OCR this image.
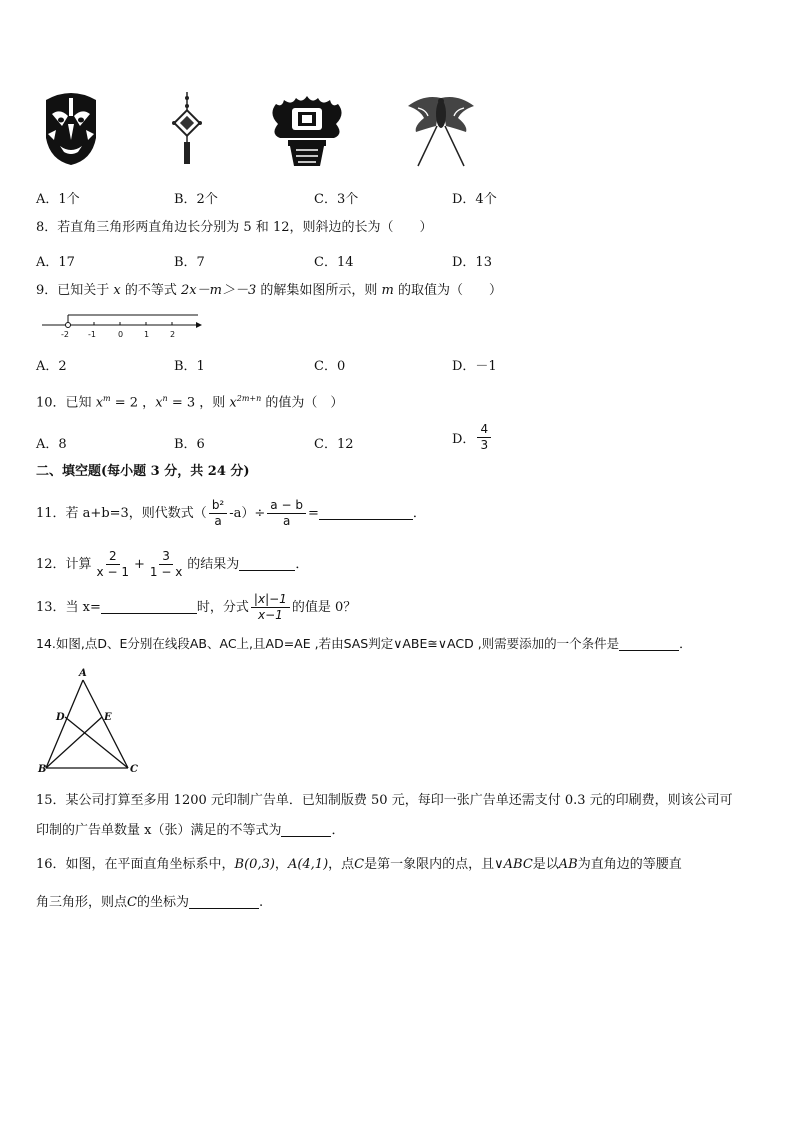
A．1个	B．2个	C．3个	D．4个
8．若直角三角形两直角边长分别为 5 和 12，则斜边的长为（　　）
A．17	B．7	C．14	D．13
9．已知关于 x 的不等式 2x－m＞－3 的解集如图所示，则 m 的取值为（　　）
-2 -1	0	1	2
A．2	B．1	C．0	D．－1
10．已知 $x^m = 2$ ，$x^n = 3$ ，则 $x^{2m+n}$ 的值为（　）
A．8	B．6	C．12	D． $\frac{4}{3}$
二、填空题(每小题 3 分，共 24 分)
11．若 a+b=3，则代数式（ $\frac{\text{b²}}{a} -a)\div \frac{a - b}{a}$ =	．
12．计算 $\frac{2}{x - 1} + \frac{3}{1 - x}$ 的结果为	．
13．当 x=	时，分式 $\frac{|x|-1}{x-1}$ 的值是 0？
14.如图,点D、E分别在线段AB、AC上,且AD=AE ,若由SAS判定∨ABE≅∨ACD ,则需要添加的一个条件是	．
A
D	E
B	C
15．某公司打算至多用 1200 元印制广告单．已知制版费 50 元，每印一张广告单还需支付 0.3 元的印刷费，则该公司可
印制的广告单数量 x（张）满足的不等式为	．
16．如图，在平面直角坐标系中，B(0,3)，A(4,1)，点C是第一象限内的点，且∨ABC是以AB为直角边的等腰直
角三角形，则点C的坐标为	.
